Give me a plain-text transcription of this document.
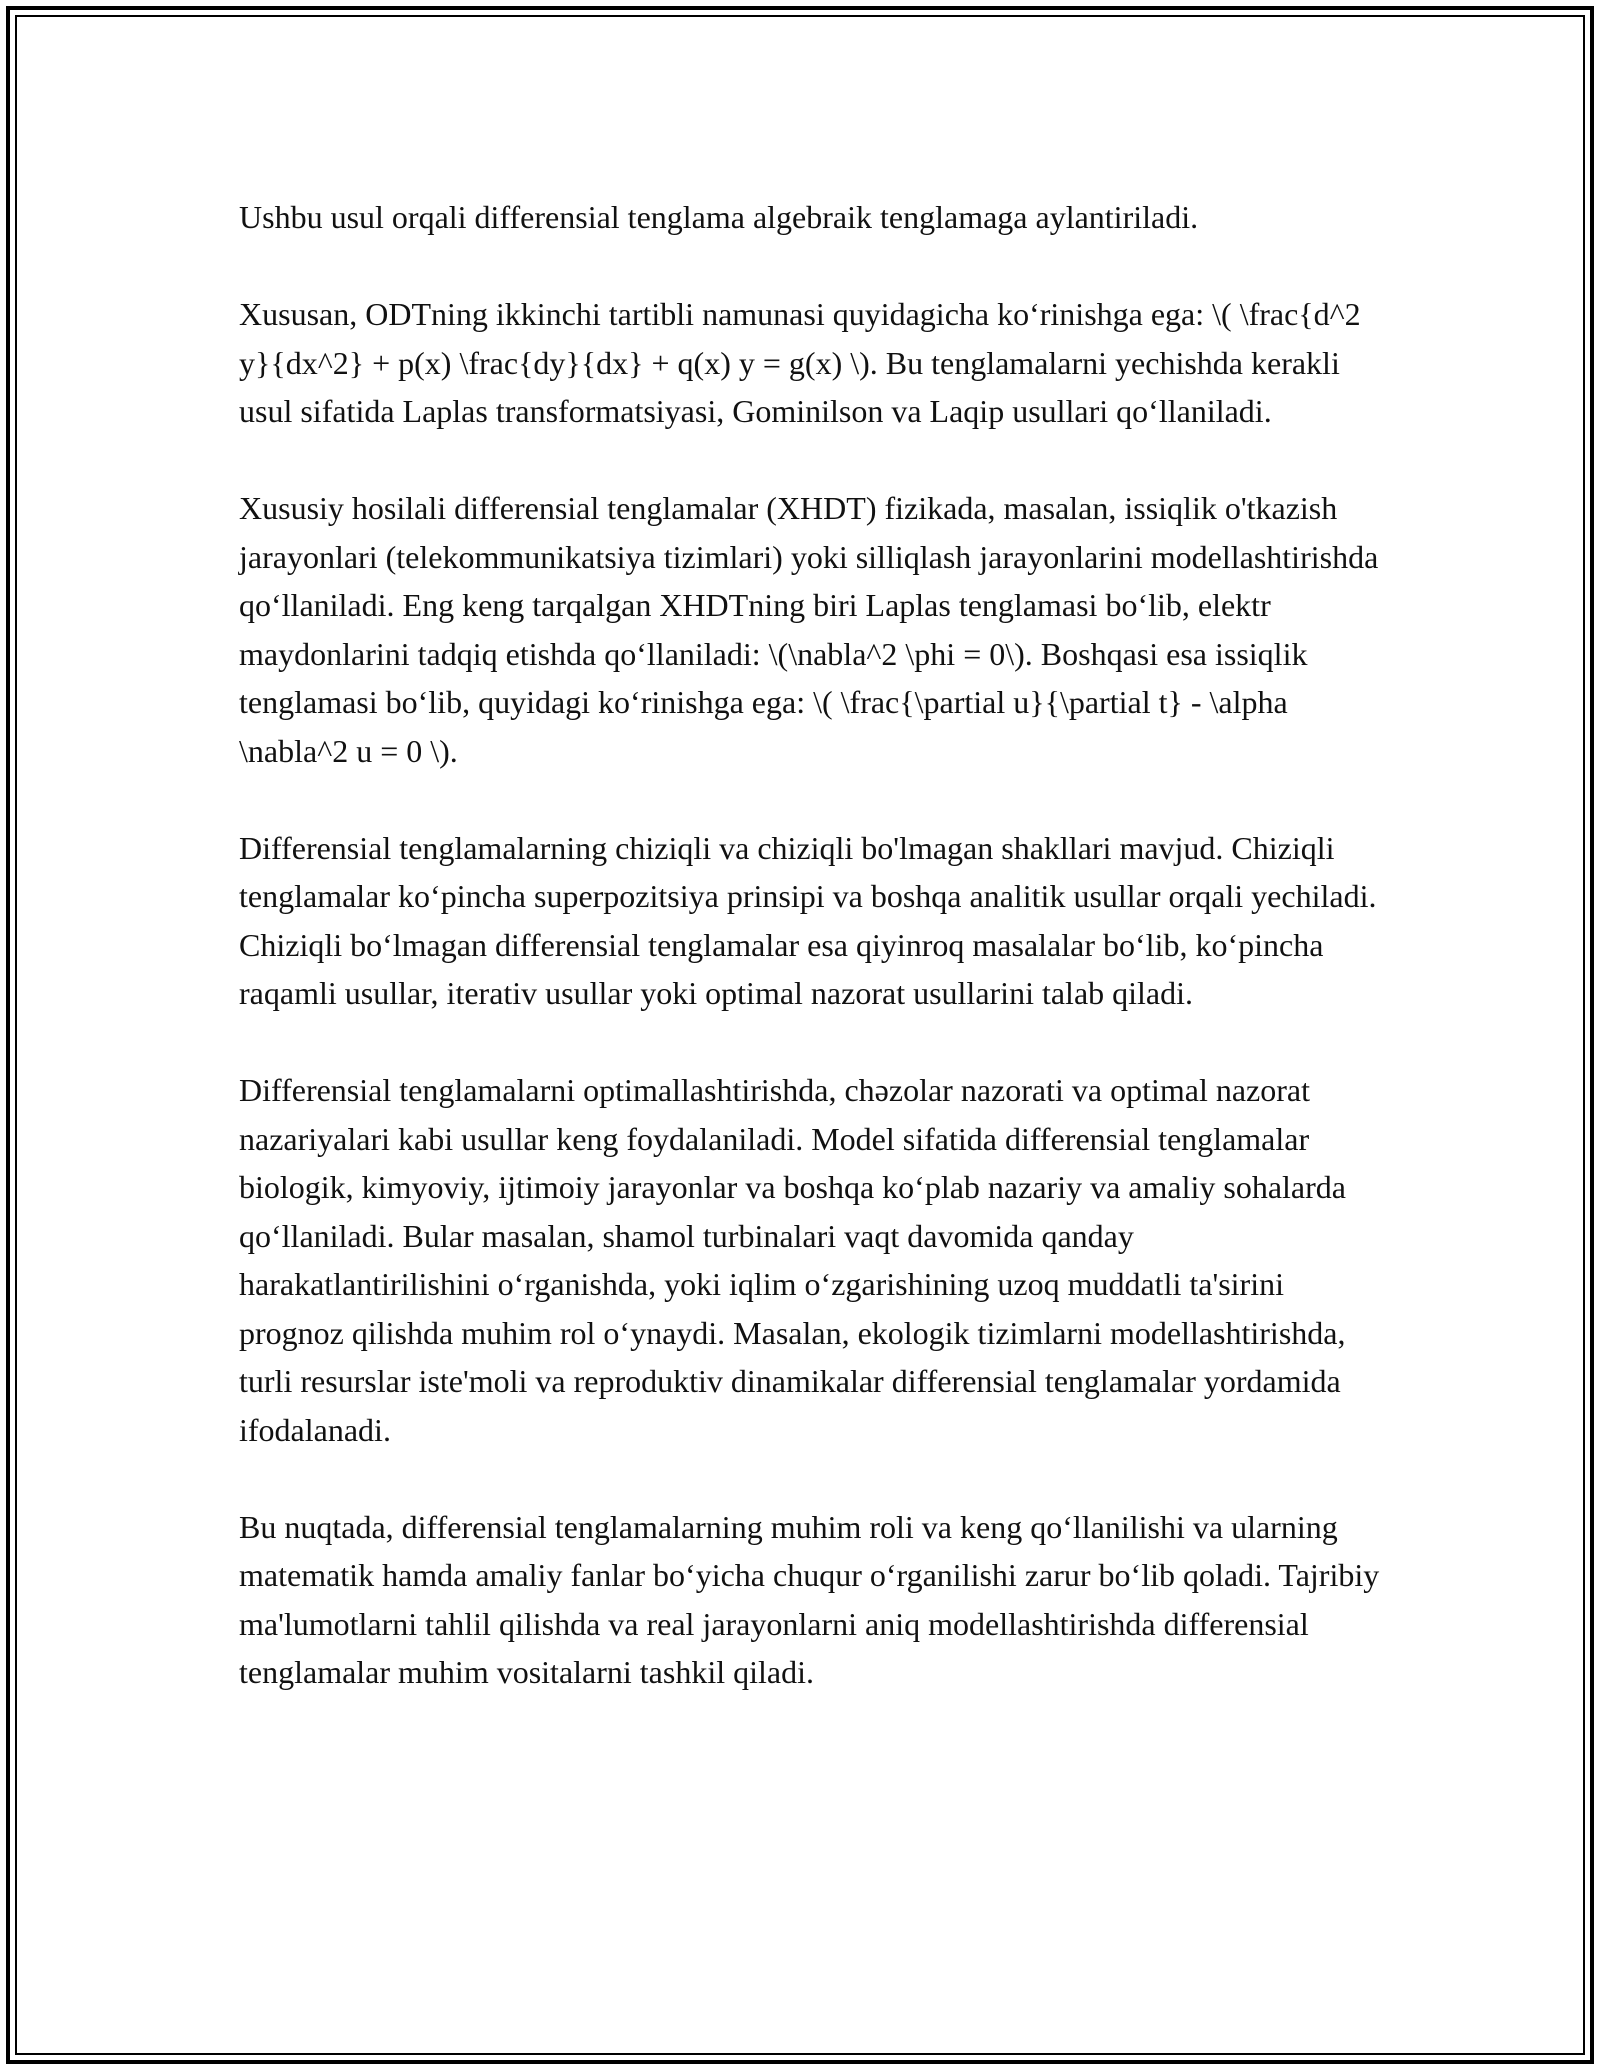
Ushbu usul orqali differensial tenglama algebraik tenglamaga aylantiriladi.

Xususan, ODTning ikkinchi tartibli namunasi quyidagicha koʻrinishga ega: \( \frac{d^2 y}{dx^2} + p(x) \frac{dy}{dx} + q(x) y = g(x) \). Bu tenglamalarni yechishda kerakli usul sifatida Laplas transformatsiyasi, Gominilson va Laqip usullari qoʻllaniladi.

Xususiy hosilali differensial tenglamalar (XHDT) fizikada, masalan, issiqlik o'tkazish jarayonlari (telekommunikatsiya tizimlari) yoki silliqlash jarayonlarini modellashtirishda qoʻllaniladi. Eng keng tarqalgan XHDTning biri Laplas tenglamasi boʻlib, elektr maydonlarini tadqiq etishda qoʻllaniladi: \(\nabla^2 \phi = 0\). Boshqasi esa issiqlik tenglamasi boʻlib, quyidagi koʻrinishga ega: \( \frac{\partial u}{\partial t} - \alpha \nabla^2 u = 0 \).

Differensial tenglamalarning chiziqli va chiziqli bo'lmagan shakllari mavjud. Chiziqli tenglamalar koʻpincha superpozitsiya prinsipi va boshqa analitik usullar orqali yechiladi. Chiziqli boʻlmagan differensial tenglamalar esa qiyinroq masalalar boʻlib, koʻpincha raqamli usullar, iterativ usullar yoki optimal nazorat usullarini talab qiladi.

Differensial tenglamalarni optimallashtirishda, chəzolar nazorati va optimal nazorat nazariyalari kabi usullar keng foydalaniladi. Model sifatida differensial tenglamalar biologik, kimyoviy, ijtimoiy jarayonlar va boshqa koʻplab nazariy va amaliy sohalarda qoʻllaniladi. Bular masalan, shamol turbinalari vaqt davomida qanday harakatlantirilishini oʻrganishda, yoki iqlim oʻzgarishining uzoq muddatli ta'sirini prognoz qilishda muhim rol oʻynaydi. Masalan, ekologik tizimlarni modellashtirishda, turli resurslar iste'moli va reproduktiv dinamikalar differensial tenglamalar yordamida ifodalanadi.

Bu nuqtada, differensial tenglamalarning muhim roli va keng qoʻllanilishi va ularning matematik hamda amaliy fanlar boʻyicha chuqur oʻrganilishi zarur boʻlib qoladi. Tajribiy ma'lumotlarni tahlil qilishda va real jarayonlarni aniq modellashtirishda differensial tenglamalar muhim vositalarni tashkil qiladi.
